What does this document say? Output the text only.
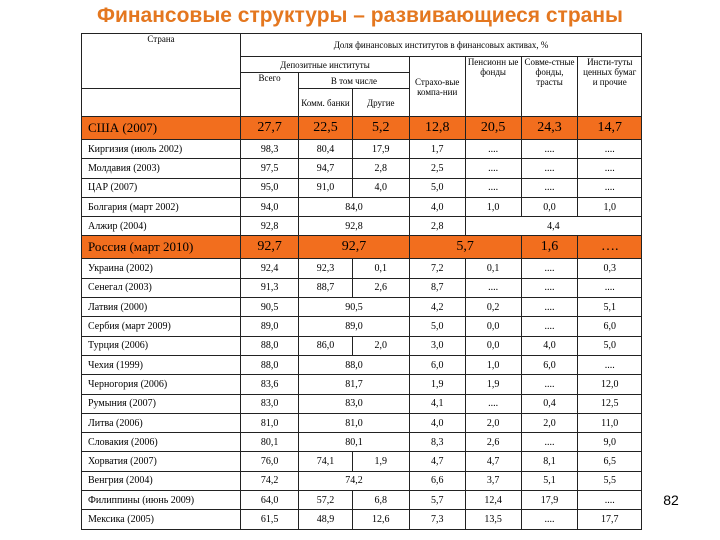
Финансовые структуры – развивающиеся страны
Страна	Доля финансовых институтов в финансовых активах, %						
	Депозитные институты			Страхо-вые компа-нии	Пенсионн ые фонды	Совме-стные фонды, трасты	Инсти-туты ценных бумаг и прочие
	Всего	В том числе					
		Комм. банки	Другие				
США (2007)	27,7	22,5	5,2	12,8	20,5	24,3	14,7
Киргизия (июль 2002)	98,3	80,4	17,9	1,7	....	....	....
Молдавия (2003)	97,5	94,7	2,8	2,5	....	....	....
ЦАР (2007)	95,0	91,0	4,0	5,0	....	....	....
Болгария (март 2002)	94,0	84,0		4,0	1,0	0,0	1,0
Алжир (2004)	92,8	92,8		2,8	4,4		
Россия (март 2010)	92,7	92,7		5,7		1,6	….
Украина (2002)	92,4	92,3	0,1	7,2	0,1	....	0,3
Сенегал (2003)	91,3	88,7	2,6	8,7	....	....	....
Латвия (2000)	90,5	90,5		4,2	0,2	....	5,1
Сербия (март 2009)	89,0	89,0		5,0	0,0	....	6,0
Турция (2006)	88,0	86,0	2,0	3,0	0,0	4,0	5,0
Чехия (1999)	88,0	88,0		6,0	1,0	6,0	....
Черногория (2006)	83,6	81,7		1,9	1,9	....	12,0
Румыния (2007)	83,0	83,0		4,1	....	0,4	12,5
Литва (2006)	81,0	81,0		4,0	2,0	2,0	11,0
Словакия (2006)	80,1	80,1		8,3	2,6	....	9,0
Хорватия (2007)	76,0	74,1	1,9	4,7	4,7	8,1	6,5
Венгрия (2004)	74,2	74,2		6,6	3,7	5,1	5,5
Филиппины (июнь 2009)	64,0	57,2	6,8	5,7	12,4	17,9	....
Мексика (2005)	61,5	48,9	12,6	7,3	13,5	....	17,7
82
